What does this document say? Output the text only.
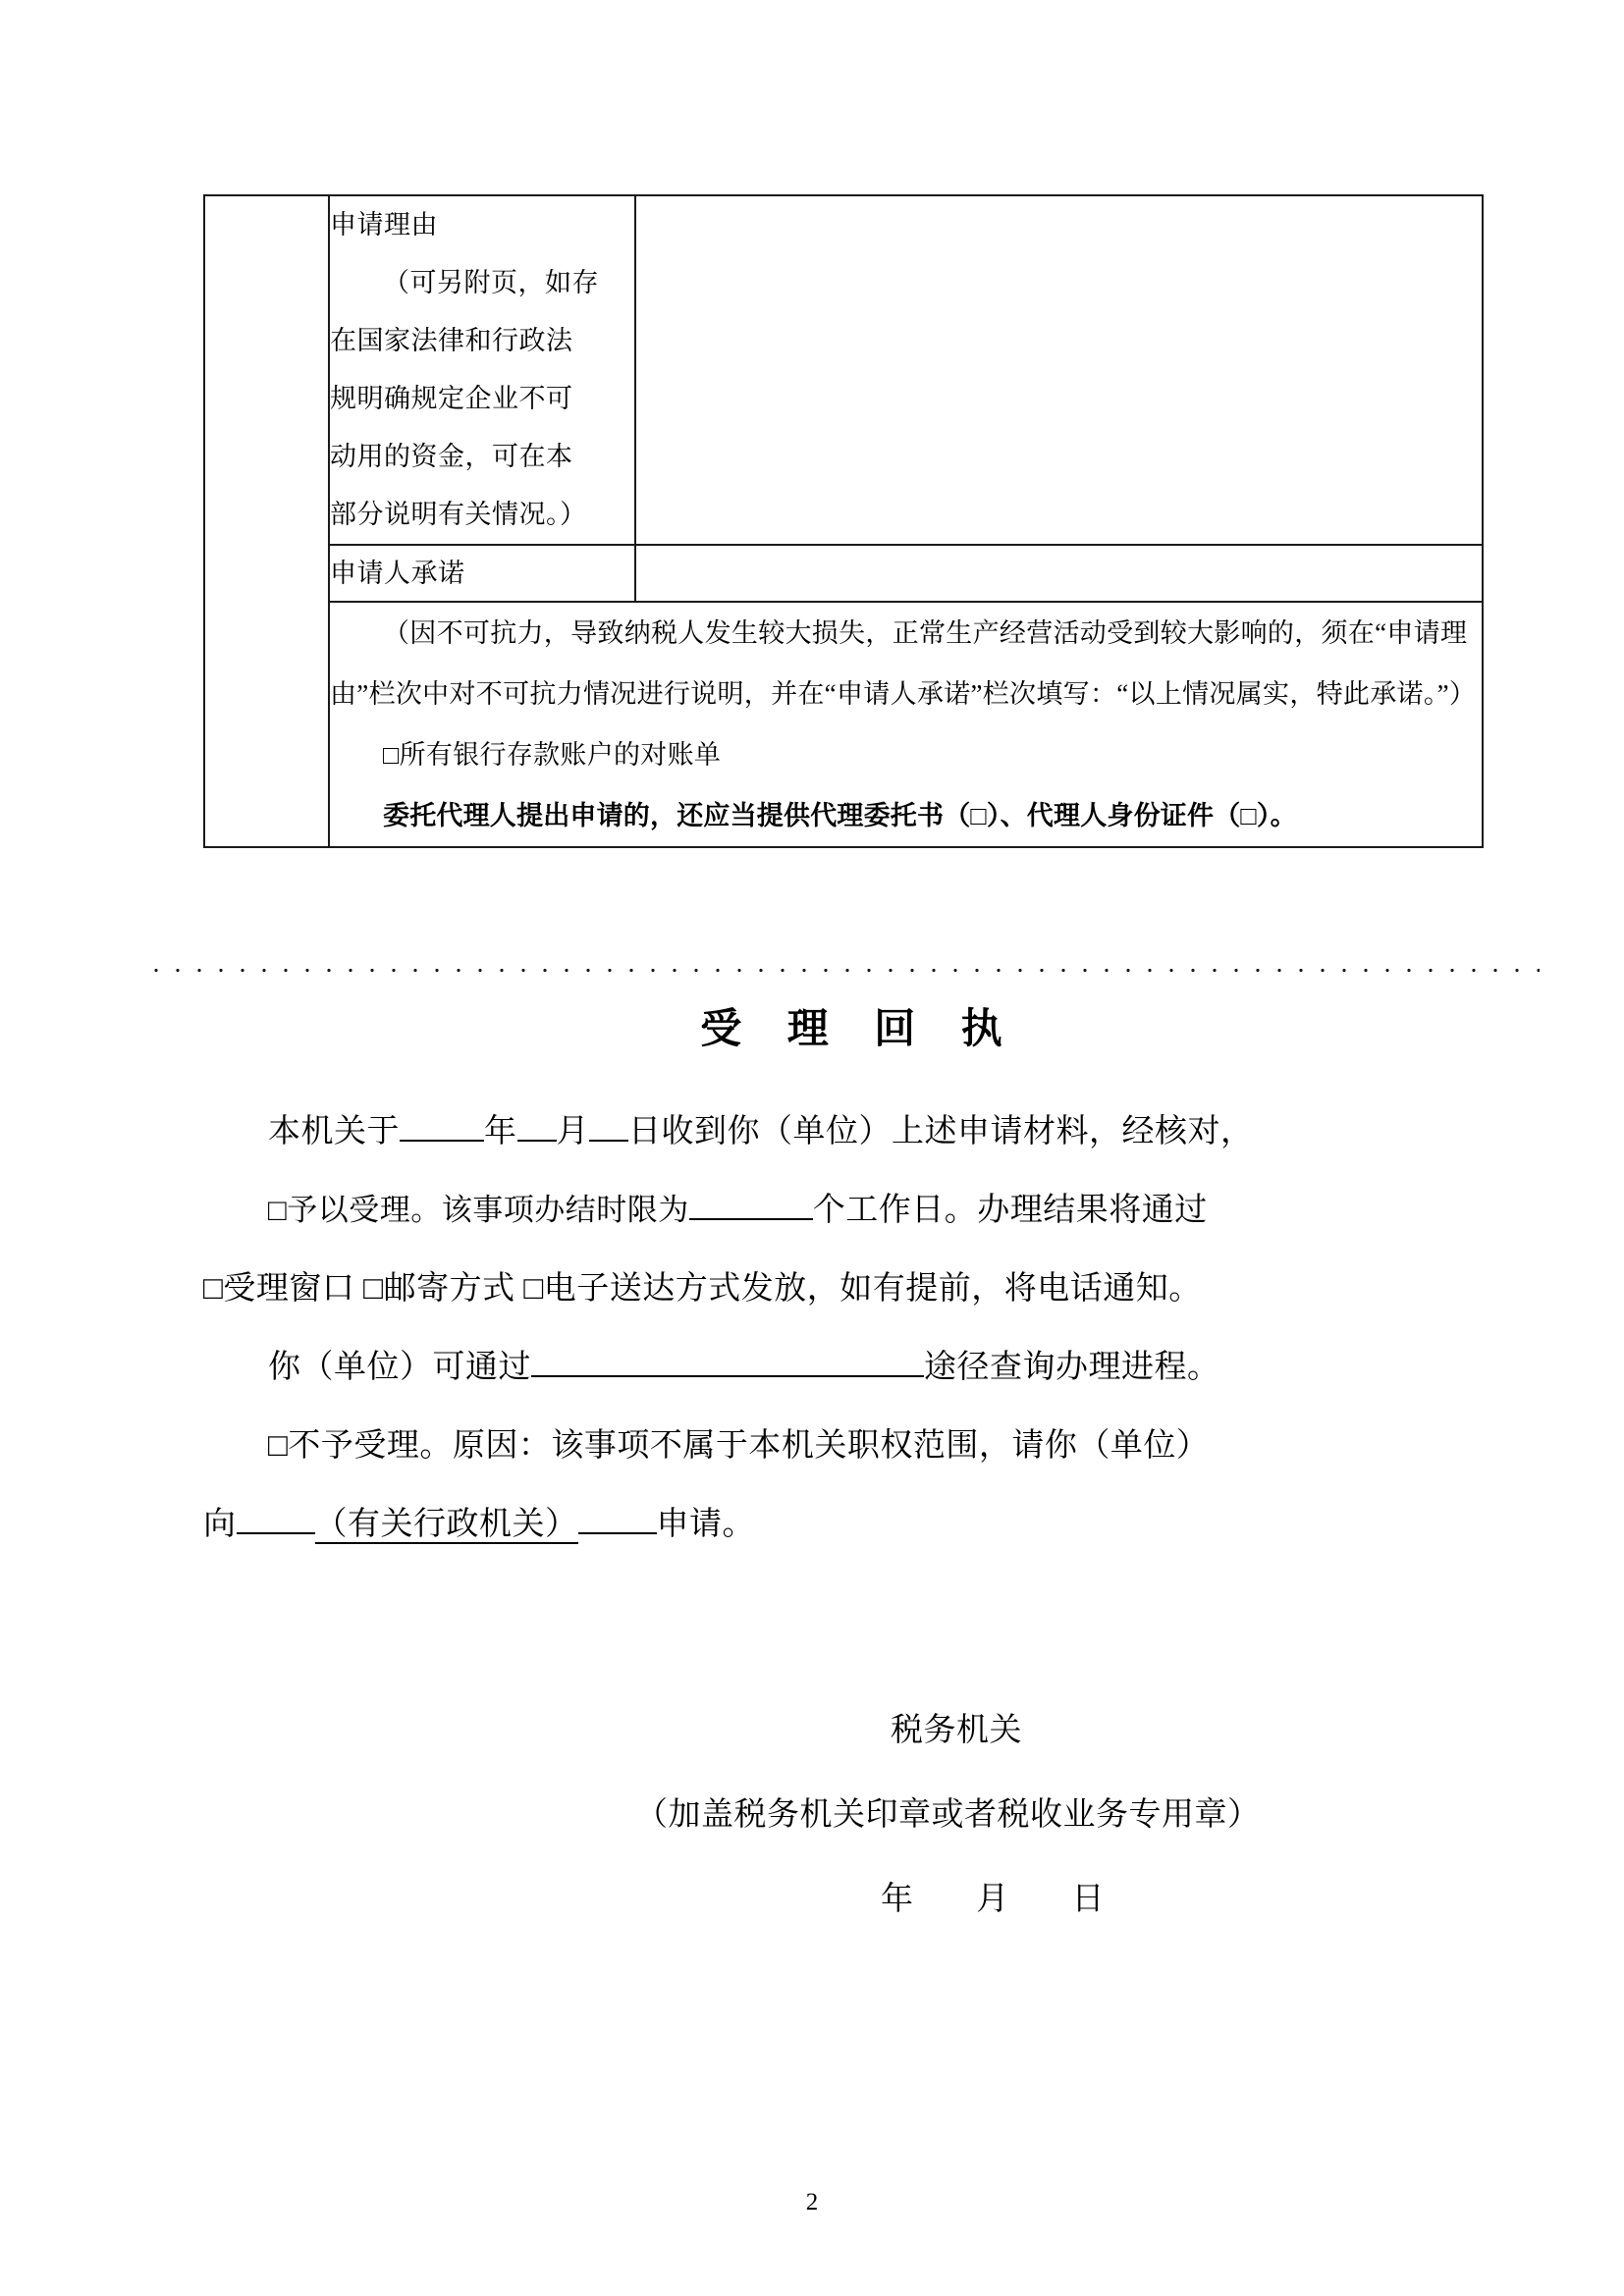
申请理由
（可另附页，如存
在国家法律和行政法
规明确规定企业不可
动用的资金，可在本
部分说明有关情况。）

	申请人承诺	

	（因不可抗力，导致纳税人发生较大损失，正常生产经营活动受到较大影响的，须在“申请理由”栏次中对不可抗力情况进行说明，并在“申请人承诺”栏次填写：“以上情况属实，特此承诺。”）

□所有银行存款账户的对账单

委托代理人提出申请的，还应当提供代理委托书（□）、代理人身份证件（□）。	

受 理 回 执

本机关于	年 月 日收到你（单位）上述申请材料，经核对，

□予以受理。该事项办结时限为	个工作日。办理结果将通过

□受理窗口 □邮寄方式 □电子送达方式发放，如有提前，将电话通知。

你（单位）可通过	途径查询办理进程。

□不予受理。原因：该事项不属于本机关职权范围，请你（单位）

向 （有关行政机关） 申请。

税务机关

（加盖税务机关印章或者税收业务专用章）

年 月 日

2
